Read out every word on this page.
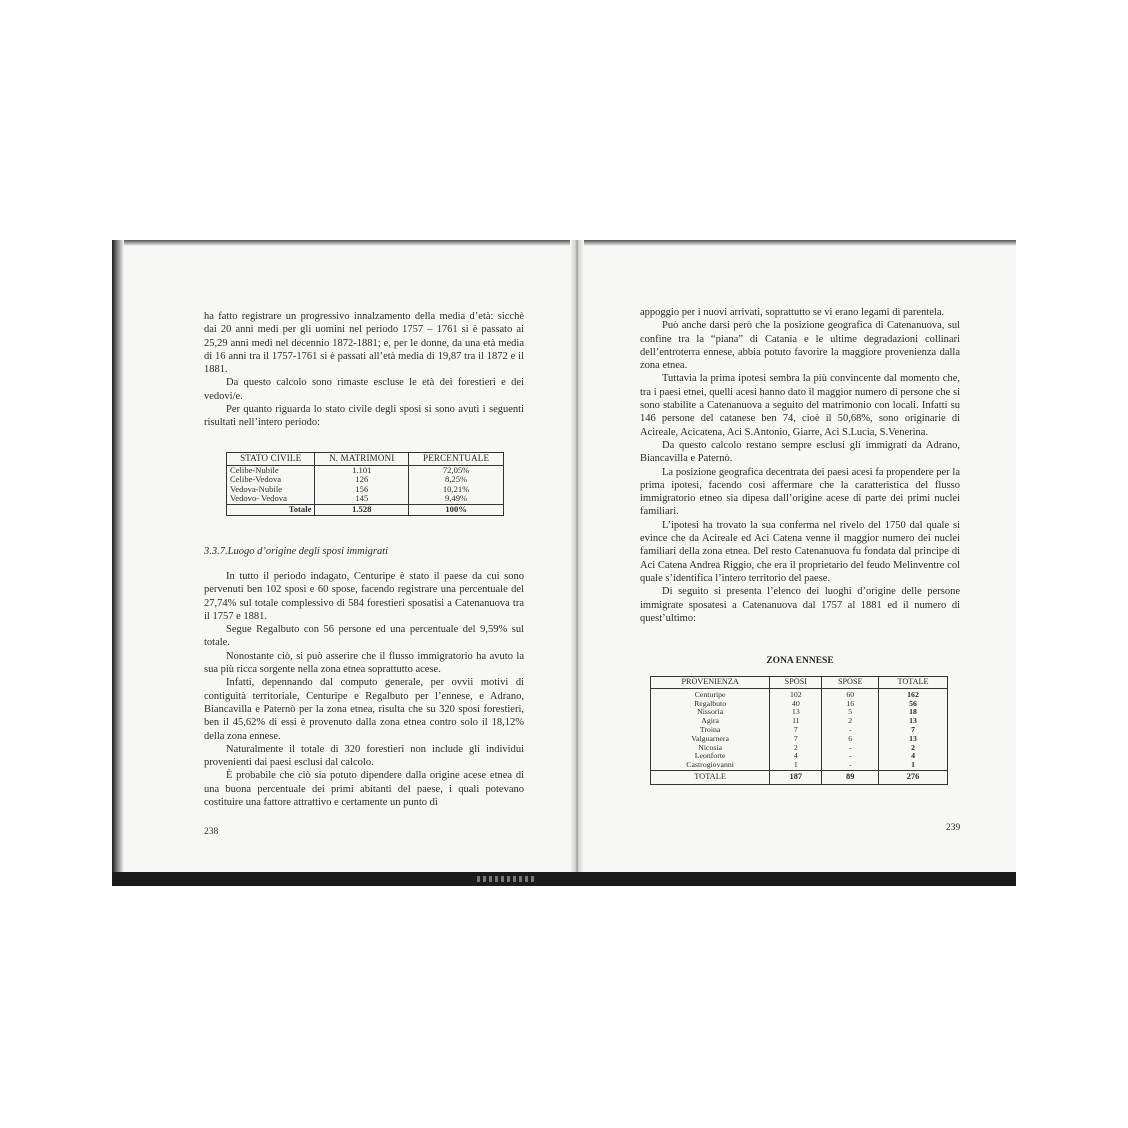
ha fatto registrare un progressivo innalzamento della media d’età: sicchè dai 20 anni medi per gli uomini nel periodo 1757 – 1761 si è passato ai 25,29 anni medi nel decennio 1872-1881; e, per le donne, da una età media di 16 anni tra il 1757-1761 si è passati all’età media di 19,87 tra il 1872 e il 1881.

Da questo calcolo sono rimaste escluse le età dei forestieri e dei vedovi/e.

Per quanto riguarda lo stato civile degli sposi si sono avuti i seguenti risultati nell’intero periodo:

STATO CIVILE	N. MATRIMONI	PERCENTUALE
Celibe-Nubile	1.101	72,05%
Celibe-Vedova	126	8,25%
Vedova-Nubile	156	10,21%
Vedovo- Vedova	145	9,49%
Totale	1.528	100%
3.3.7.Luogo d’origine degli sposi immigrati

In tutto il periodo indagato, Centuripe è stato il paese da cui sono pervenuti ben 102 sposi e 60 spose, facendo registrare una percentuale del 27,74% sul totale complessivo di 584 forestieri sposatisi a Catenanuova tra il 1757 e 1881.

Segue Regalbuto con 56 persone ed una percentuale del 9,59% sul totale.

Nonostante ciò, si può asserire che il flusso immigratorio ha avuto la sua più ricca sorgente nella zona etnea soprattutto acese.

Infatti, depennando dal computo generale, per ovvii motivi di contiguità territoriale, Centuripe e Regalbuto per l’ennese, e Adrano, Biancavilla e Paternò per la zona etnea, risulta che su 320 sposi forestieri, ben il 45,62% di essi è provenuto dalla zona etnea contro solo il 18,12% della zona ennese.

Naturalmente il totale di 320 forestieri non include gli individui provenienti dai paesi esclusi dal calcolo.

È probabile che ciò sia potuto dipendere dalla origine acese etnea di una buona percentuale dei primi abitanti del paese, i quali potevano costituire una fattore attrattivo e certamente un punto di

238

appoggio per i nuovi arrivati, soprattutto se vi erano legami di parentela.

Può anche darsi però che la posizione geografica di Catenanuova, sul confine tra la “piana” di Catania e le ultime degradazioni collinari dell’entroterra ennese, abbia potuto favorire la maggiore provenienza dalla zona etnea.

Tuttavia la prima ipotesi sembra la più convincente dal momento che, tra i paesi etnei, quelli acesi hanno dato il maggior numero di persone che si sono stabilite a Catenanuova a seguito del matrimonio con locali. Infatti su 146 persone del catanese ben 74, cioè il 50,68%, sono originarie di Acireale, Acicatena, Aci S.Antonio, Giarre, Aci S.Lucia, S.Venerina.

Da questo calcolo restano sempre esclusi gli immigrati da Adrano, Biancavilla e Paternò.

La posizione geografica decentrata dei paesi acesi fa propendere per la prima ipotesi, facendo così affermare che la caratteristica del flusso immigratorio etneo sia dipesa dall’origine acese di parte dei primi nuclei familiari.

L’ipotesi ha trovato la sua conferma nel rivelo del 1750 dal quale si evince che da Acireale ed Aci Catena venne il maggior numero dei nuclei familiari della zona etnea. Del resto Catenanuova fu fondata dal principe di Aci Catena Andrea Riggio, che era il proprietario del feudo Melinventre col quale s’identifica l’intero territorio del paese.

Di seguito si presenta l’elenco dei luoghi d’origine delle persone immigrate sposatesi a Catenanuova dal 1757 al 1881 ed il numero di quest’ultimo:

ZONA ENNESE
PROVENIENZA	SPOSI	SPOSE	TOTALE
Centuripe	102	60	162
Regalbuto	40	16	56
Nissoria	13	5	18
Agira	11	2	13
Troina	7	-	7
Valguarnera	7	6	13
Nicosia	2	-	2
Leonforte	4	-	4
Castrogiovanni	1	-	1
TOTALE	187	89	276
239
